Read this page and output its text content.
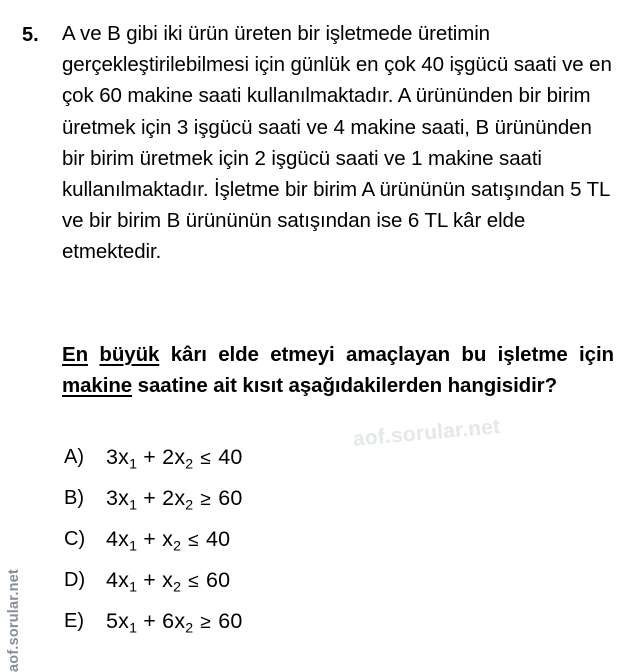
5.	A ve B gibi iki ürün üreten bir işletmede üretimin gerçekleştirilebilmesi için günlük en çok 40 işgücü saati ve en çok 60 makine saati kullanılmaktadır. A ürününden bir birim üretmek için 3 işgücü saati ve 4 makine saati, B ürününden bir birim üretmek için 2 işgücü saati ve 1 makine saati kullanılmaktadır. İşletme bir birim A ürününün satışından 5 TL ve bir birim B ürününün satışından ise 6 TL kâr elde etmektedir.

En büyük kârı elde etmeyi amaçlayan bu işletme için makine saatine ait kısıt aşağıdakilerden hangisidir?

A)	$3x_1 + 2x_2 \le 40$
B)	$3x_1 + 2x_2 \ge 60$
C) $4x_1 + x_2 \le 40$
D) $4x_1 + x_2 \le 60$
E)	$5x_1 + 6x_2 \ge 60$
aof.sorular.net
aof.sorular.net
